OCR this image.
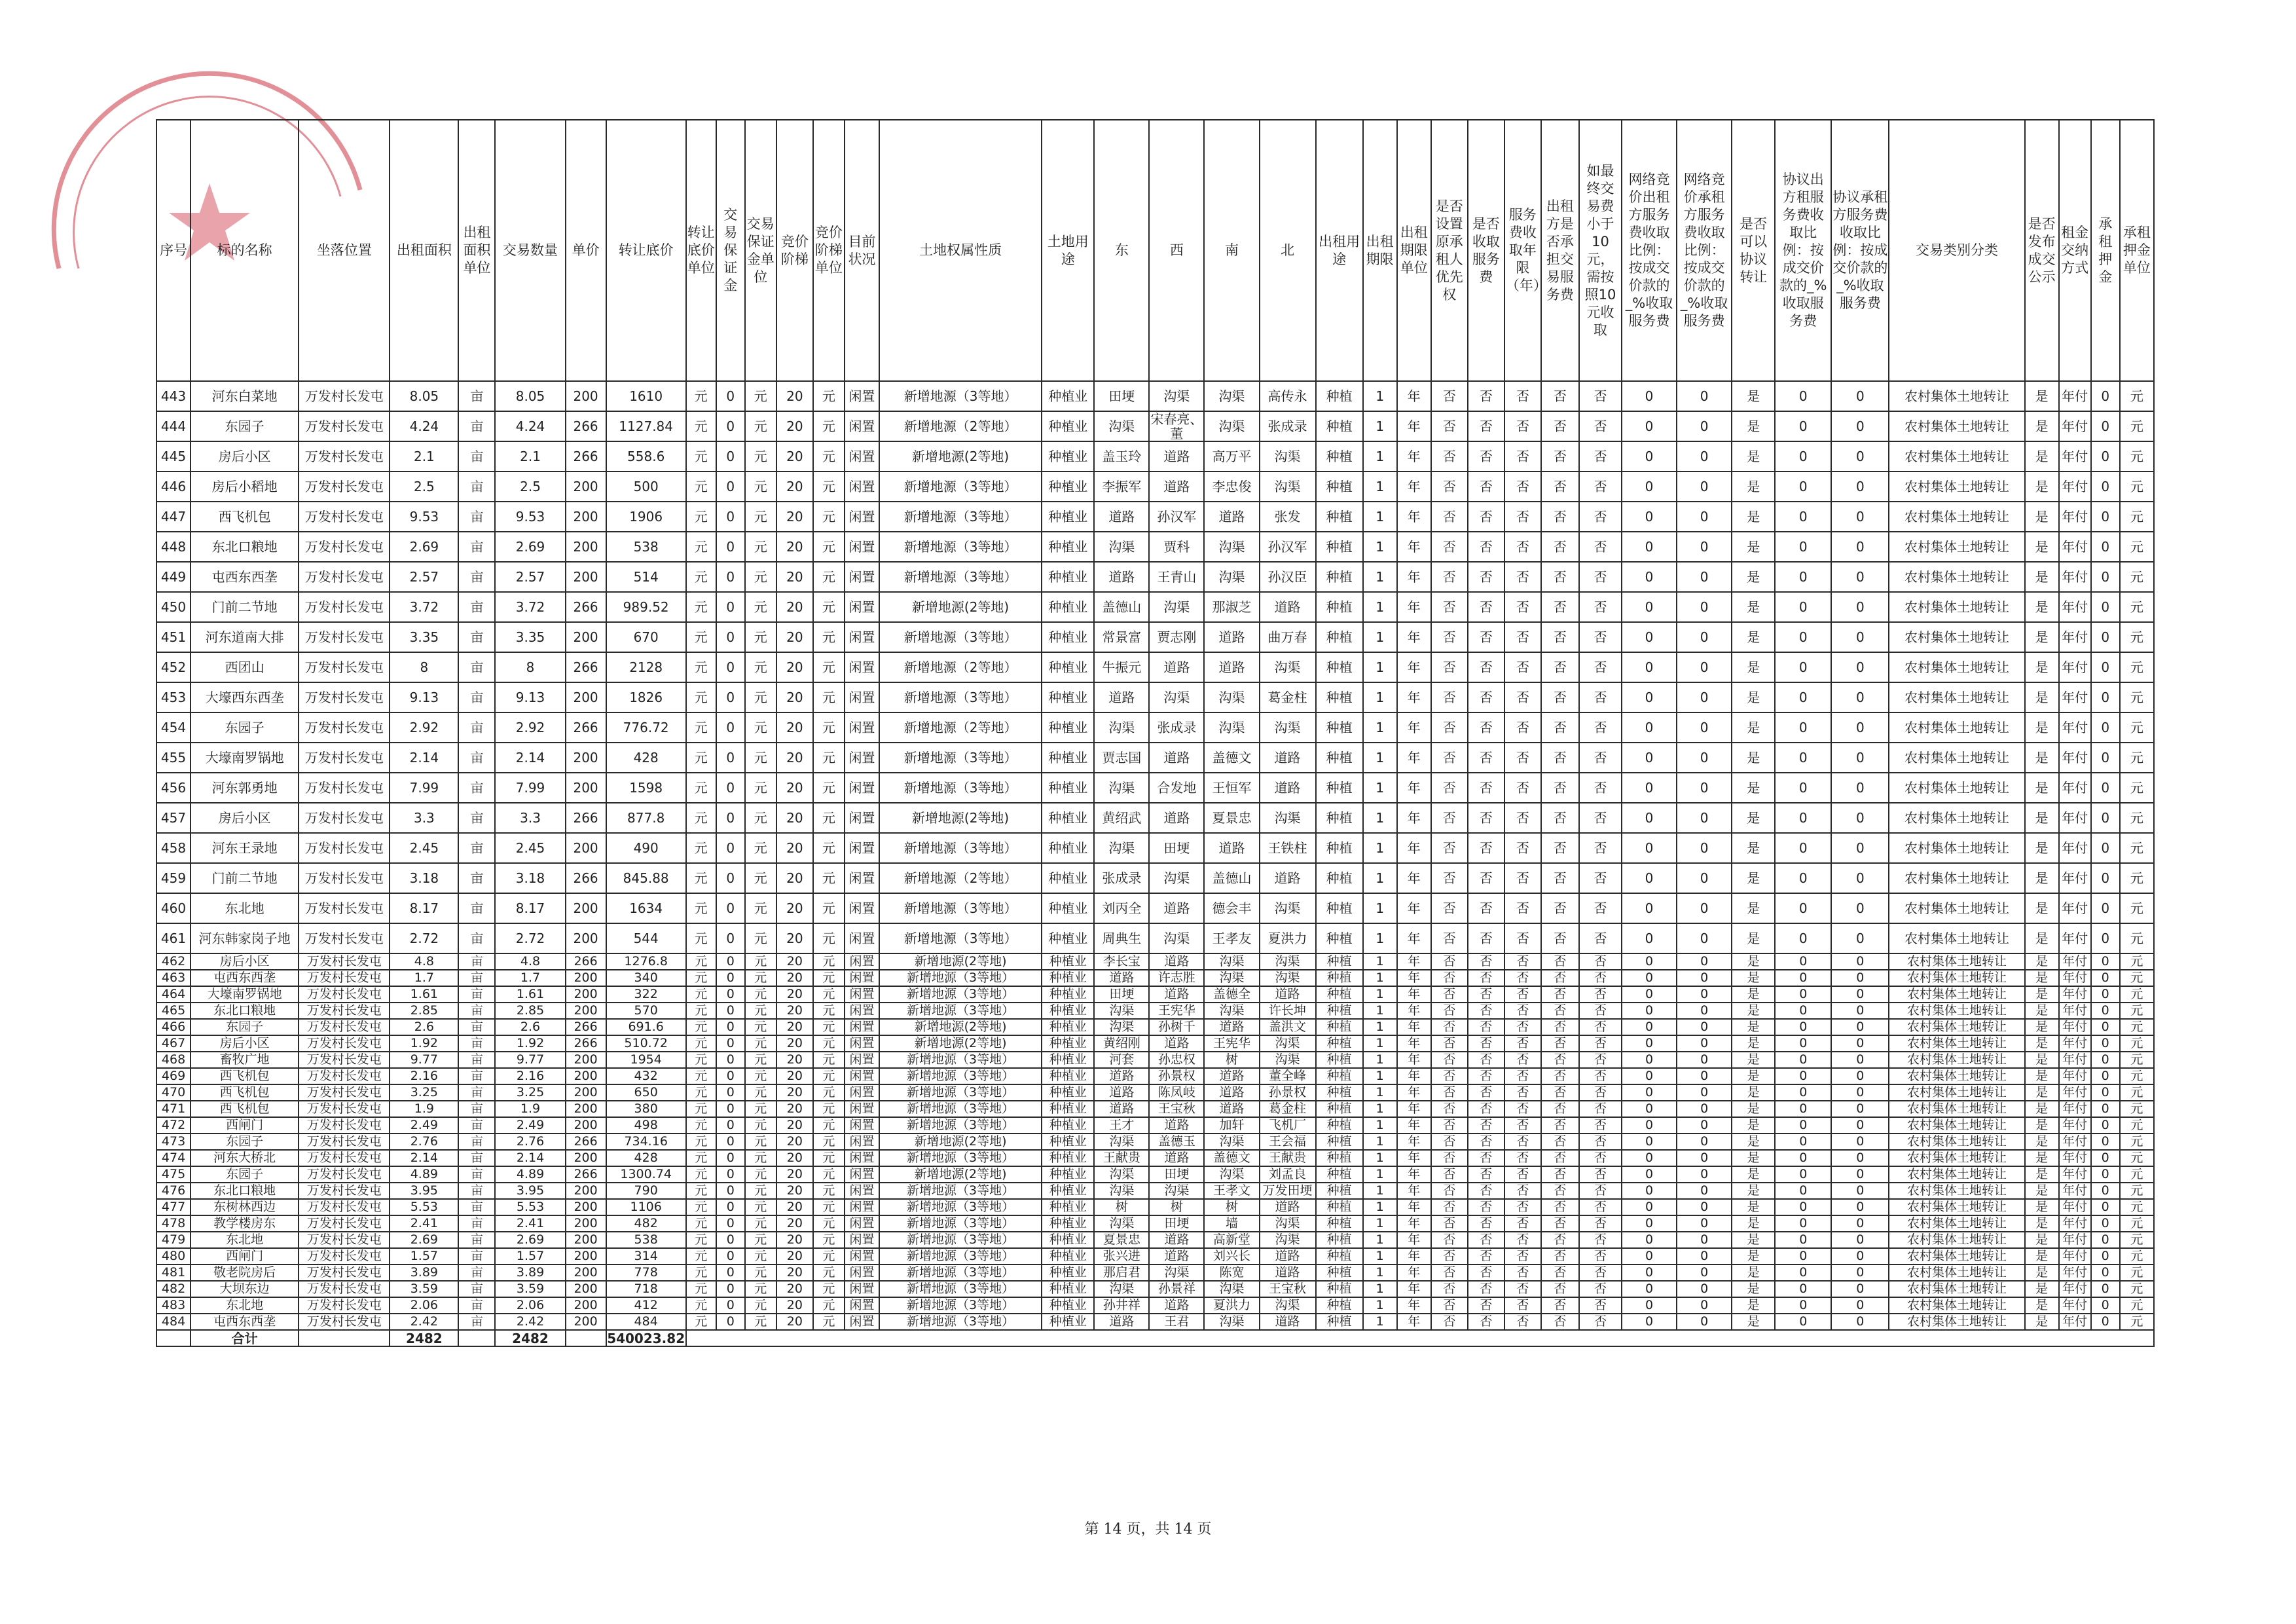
序号	标的名称	坐落位置	出租面积	出租面积单位	交易数量	单价	转让底价	转让底价单位	交易保证金	交易保证金单位	竞价阶梯	竞价阶梯单位	目前状况	土地权属性质	土地用途	东	西	南	北	出租用途	出租期限	出租期限单位	是否设置原承租人优先权	是否收取服务费	服务费收取年限（年）	出租方是否承担交易服务费	如最终交易费小于10元，需按照10元收取	网络竞价出租方服务费收取比例：按成交价款的_%收取服务费	网络竞价承租方服务费收取比例：按成交价款的_%收取服务费	是否可以协议转让	协议出方租服务费收取比例：按成交价款的_%收取服务费	协议承租方服务费收取比例：按成交价款的_%收取服务费	交易类别分类	是否发布成交公示	租金交纳方式	承租押金	承租押金单位
443	河东白菜地	万发村长发屯	8.05	亩	8.05	200	1610	元	0	元	20	元	闲置	新增地源（3等地）	种植业	田埂	沟渠	沟渠	高传永	种植	1	年	否	否	否	否	否	0	0	是	0	0	农村集体土地转让	是	年付	0	元
444	东园子	万发村长发屯	4.24	亩	4.24	266	1127.84	元	0	元	20	元	闲置	新增地源（2等地）	种植业	沟渠	宋春亮、董	沟渠	张成录	种植	1	年	否	否	否	否	否	0	0	是	0	0	农村集体土地转让	是	年付	0	元
445	房后小区	万发村长发屯	2.1	亩	2.1	266	558.6	元	0	元	20	元	闲置	新增地源(2等地)	种植业	盖玉玲	道路	高万平	沟渠	种植	1	年	否	否	否	否	否	0	0	是	0	0	农村集体土地转让	是	年付	0	元
446	房后小稻地	万发村长发屯	2.5	亩	2.5	200	500	元	0	元	20	元	闲置	新增地源（3等地）	种植业	李振军	道路	李忠俊	沟渠	种植	1	年	否	否	否	否	否	0	0	是	0	0	农村集体土地转让	是	年付	0	元
447	西飞机包	万发村长发屯	9.53	亩	9.53	200	1906	元	0	元	20	元	闲置	新增地源（3等地）	种植业	道路	孙汉军	道路	张发	种植	1	年	否	否	否	否	否	0	0	是	0	0	农村集体土地转让	是	年付	0	元
448	东北口粮地	万发村长发屯	2.69	亩	2.69	200	538	元	0	元	20	元	闲置	新增地源（3等地）	种植业	沟渠	贾科	沟渠	孙汉军	种植	1	年	否	否	否	否	否	0	0	是	0	0	农村集体土地转让	是	年付	0	元
449	屯西东西垄	万发村长发屯	2.57	亩	2.57	200	514	元	0	元	20	元	闲置	新增地源（3等地）	种植业	道路	王青山	沟渠	孙汉臣	种植	1	年	否	否	否	否	否	0	0	是	0	0	农村集体土地转让	是	年付	0	元
450	门前二节地	万发村长发屯	3.72	亩	3.72	266	989.52	元	0	元	20	元	闲置	新增地源(2等地)	种植业	盖德山	沟渠	那淑芝	道路	种植	1	年	否	否	否	否	否	0	0	是	0	0	农村集体土地转让	是	年付	0	元
451	河东道南大排	万发村长发屯	3.35	亩	3.35	200	670	元	0	元	20	元	闲置	新增地源（3等地）	种植业	常景富	贾志刚	道路	曲万春	种植	1	年	否	否	否	否	否	0	0	是	0	0	农村集体土地转让	是	年付	0	元
452	西团山	万发村长发屯	8	亩	8	266	2128	元	0	元	20	元	闲置	新增地源（2等地）	种植业	牛振元	道路	道路	沟渠	种植	1	年	否	否	否	否	否	0	0	是	0	0	农村集体土地转让	是	年付	0	元
453	大壕西东西垄	万发村长发屯	9.13	亩	9.13	200	1826	元	0	元	20	元	闲置	新增地源（3等地）	种植业	道路	沟渠	沟渠	葛金柱	种植	1	年	否	否	否	否	否	0	0	是	0	0	农村集体土地转让	是	年付	0	元
454	东园子	万发村长发屯	2.92	亩	2.92	266	776.72	元	0	元	20	元	闲置	新增地源（2等地）	种植业	沟渠	张成录	沟渠	沟渠	种植	1	年	否	否	否	否	否	0	0	是	0	0	农村集体土地转让	是	年付	0	元
455	大壕南罗锅地	万发村长发屯	2.14	亩	2.14	200	428	元	0	元	20	元	闲置	新增地源（3等地）	种植业	贾志国	道路	盖德文	道路	种植	1	年	否	否	否	否	否	0	0	是	0	0	农村集体土地转让	是	年付	0	元
456	河东郭勇地	万发村长发屯	7.99	亩	7.99	200	1598	元	0	元	20	元	闲置	新增地源（3等地）	种植业	沟渠	合发地	王恒军	道路	种植	1	年	否	否	否	否	否	0	0	是	0	0	农村集体土地转让	是	年付	0	元
457	房后小区	万发村长发屯	3.3	亩	3.3	266	877.8	元	0	元	20	元	闲置	新增地源(2等地)	种植业	黄绍武	道路	夏景忠	沟渠	种植	1	年	否	否	否	否	否	0	0	是	0	0	农村集体土地转让	是	年付	0	元
458	河东王录地	万发村长发屯	2.45	亩	2.45	200	490	元	0	元	20	元	闲置	新增地源（3等地）	种植业	沟渠	田埂	道路	王铁柱	种植	1	年	否	否	否	否	否	0	0	是	0	0	农村集体土地转让	是	年付	0	元
459	门前二节地	万发村长发屯	3.18	亩	3.18	266	845.88	元	0	元	20	元	闲置	新增地源（2等地）	种植业	张成录	沟渠	盖德山	道路	种植	1	年	否	否	否	否	否	0	0	是	0	0	农村集体土地转让	是	年付	0	元
460	东北地	万发村长发屯	8.17	亩	8.17	200	1634	元	0	元	20	元	闲置	新增地源（3等地）	种植业	刘丙全	道路	德会丰	沟渠	种植	1	年	否	否	否	否	否	0	0	是	0	0	农村集体土地转让	是	年付	0	元
461	河东韩家岗子地	万发村长发屯	2.72	亩	2.72	200	544	元	0	元	20	元	闲置	新增地源（3等地）	种植业	周典生	沟渠	王孝友	夏洪力	种植	1	年	否	否	否	否	否	0	0	是	0	0	农村集体土地转让	是	年付	0	元
462	房后小区	万发村长发屯	4.8	亩	4.8	266	1276.8	元	0	元	20	元	闲置	新增地源(2等地)	种植业	李长宝	道路	沟渠	沟渠	种植	1	年	否	否	否	否	否	0	0	是	0	0	农村集体土地转让	是	年付	0	元
463	屯西东西垄	万发村长发屯	1.7	亩	1.7	200	340	元	0	元	20	元	闲置	新增地源（3等地）	种植业	道路	许志胜	沟渠	沟渠	种植	1	年	否	否	否	否	否	0	0	是	0	0	农村集体土地转让	是	年付	0	元
464	大壕南罗锅地	万发村长发屯	1.61	亩	1.61	200	322	元	0	元	20	元	闲置	新增地源（3等地）	种植业	田埂	道路	盖德全	道路	种植	1	年	否	否	否	否	否	0	0	是	0	0	农村集体土地转让	是	年付	0	元
465	东北口粮地	万发村长发屯	2.85	亩	2.85	200	570	元	0	元	20	元	闲置	新增地源（3等地）	种植业	沟渠	王宪华	沟渠	许长坤	种植	1	年	否	否	否	否	否	0	0	是	0	0	农村集体土地转让	是	年付	0	元
466	东园子	万发村长发屯	2.6	亩	2.6	266	691.6	元	0	元	20	元	闲置	新增地源(2等地)	种植业	沟渠	孙树千	道路	盖洪文	种植	1	年	否	否	否	否	否	0	0	是	0	0	农村集体土地转让	是	年付	0	元
467	房后小区	万发村长发屯	1.92	亩	1.92	266	510.72	元	0	元	20	元	闲置	新增地源(2等地)	种植业	黄绍刚	道路	王宪华	沟渠	种植	1	年	否	否	否	否	否	0	0	是	0	0	农村集体土地转让	是	年付	0	元
468	畜牧广地	万发村长发屯	9.77	亩	9.77	200	1954	元	0	元	20	元	闲置	新增地源（3等地）	种植业	河套	孙忠权	树	沟渠	种植	1	年	否	否	否	否	否	0	0	是	0	0	农村集体土地转让	是	年付	0	元
469	西飞机包	万发村长发屯	2.16	亩	2.16	200	432	元	0	元	20	元	闲置	新增地源（3等地）	种植业	道路	孙景权	道路	董全峰	种植	1	年	否	否	否	否	否	0	0	是	0	0	农村集体土地转让	是	年付	0	元
470	西飞机包	万发村长发屯	3.25	亩	3.25	200	650	元	0	元	20	元	闲置	新增地源（3等地）	种植业	道路	陈凤岐	道路	孙景权	种植	1	年	否	否	否	否	否	0	0	是	0	0	农村集体土地转让	是	年付	0	元
471	西飞机包	万发村长发屯	1.9	亩	1.9	200	380	元	0	元	20	元	闲置	新增地源（3等地）	种植业	道路	王宝秋	道路	葛金柱	种植	1	年	否	否	否	否	否	0	0	是	0	0	农村集体土地转让	是	年付	0	元
472	西闸门	万发村长发屯	2.49	亩	2.49	200	498	元	0	元	20	元	闲置	新增地源（3等地）	种植业	王才	道路	加轩	飞机厂	种植	1	年	否	否	否	否	否	0	0	是	0	0	农村集体土地转让	是	年付	0	元
473	东园子	万发村长发屯	2.76	亩	2.76	266	734.16	元	0	元	20	元	闲置	新增地源(2等地)	种植业	沟渠	盖德玉	沟渠	王会福	种植	1	年	否	否	否	否	否	0	0	是	0	0	农村集体土地转让	是	年付	0	元
474	河东大桥北	万发村长发屯	2.14	亩	2.14	200	428	元	0	元	20	元	闲置	新增地源（3等地）	种植业	王献贵	道路	盖德文	王献贵	种植	1	年	否	否	否	否	否	0	0	是	0	0	农村集体土地转让	是	年付	0	元
475	东园子	万发村长发屯	4.89	亩	4.89	266	1300.74	元	0	元	20	元	闲置	新增地源(2等地)	种植业	沟渠	田埂	沟渠	刘孟良	种植	1	年	否	否	否	否	否	0	0	是	0	0	农村集体土地转让	是	年付	0	元
476	东北口粮地	万发村长发屯	3.95	亩	3.95	200	790	元	0	元	20	元	闲置	新增地源（3等地）	种植业	沟渠	沟渠	王孝文	万发田埂	种植	1	年	否	否	否	否	否	0	0	是	0	0	农村集体土地转让	是	年付	0	元
477	东树林西边	万发村长发屯	5.53	亩	5.53	200	1106	元	0	元	20	元	闲置	新增地源（3等地）	种植业	树	树	树	道路	种植	1	年	否	否	否	否	否	0	0	是	0	0	农村集体土地转让	是	年付	0	元
478	教学楼房东	万发村长发屯	2.41	亩	2.41	200	482	元	0	元	20	元	闲置	新增地源（3等地）	种植业	沟渠	田埂	墙	沟渠	种植	1	年	否	否	否	否	否	0	0	是	0	0	农村集体土地转让	是	年付	0	元
479	东北地	万发村长发屯	2.69	亩	2.69	200	538	元	0	元	20	元	闲置	新增地源（3等地）	种植业	夏景忠	道路	高新堂	沟渠	种植	1	年	否	否	否	否	否	0	0	是	0	0	农村集体土地转让	是	年付	0	元
480	西闸门	万发村长发屯	1.57	亩	1.57	200	314	元	0	元	20	元	闲置	新增地源（3等地）	种植业	张兴进	道路	刘兴长	道路	种植	1	年	否	否	否	否	否	0	0	是	0	0	农村集体土地转让	是	年付	0	元
481	敬老院房后	万发村长发屯	3.89	亩	3.89	200	778	元	0	元	20	元	闲置	新增地源（3等地）	种植业	那启君	沟渠	陈宽	道路	种植	1	年	否	否	否	否	否	0	0	是	0	0	农村集体土地转让	是	年付	0	元
482	大坝东边	万发村长发屯	3.59	亩	3.59	200	718	元	0	元	20	元	闲置	新增地源（3等地）	种植业	沟渠	孙景祥	沟渠	王宝秋	种植	1	年	否	否	否	否	否	0	0	是	0	0	农村集体土地转让	是	年付	0	元
483	东北地	万发村长发屯	2.06	亩	2.06	200	412	元	0	元	20	元	闲置	新增地源（3等地）	种植业	孙井祥	道路	夏洪力	沟渠	种植	1	年	否	否	否	否	否	0	0	是	0	0	农村集体土地转让	是	年付	0	元
484	屯西东西垄	万发村长发屯	2.42	亩	2.42	200	484	元	0	元	20	元	闲置	新增地源（3等地）	种植业	道路	王君	沟渠	道路	种植	1	年	否	否	否	否	否	0	0	是	0	0	农村集体土地转让	是	年付	0	元
	合计		2482		2482		540023.82																														
第 14 页，共 14 页
